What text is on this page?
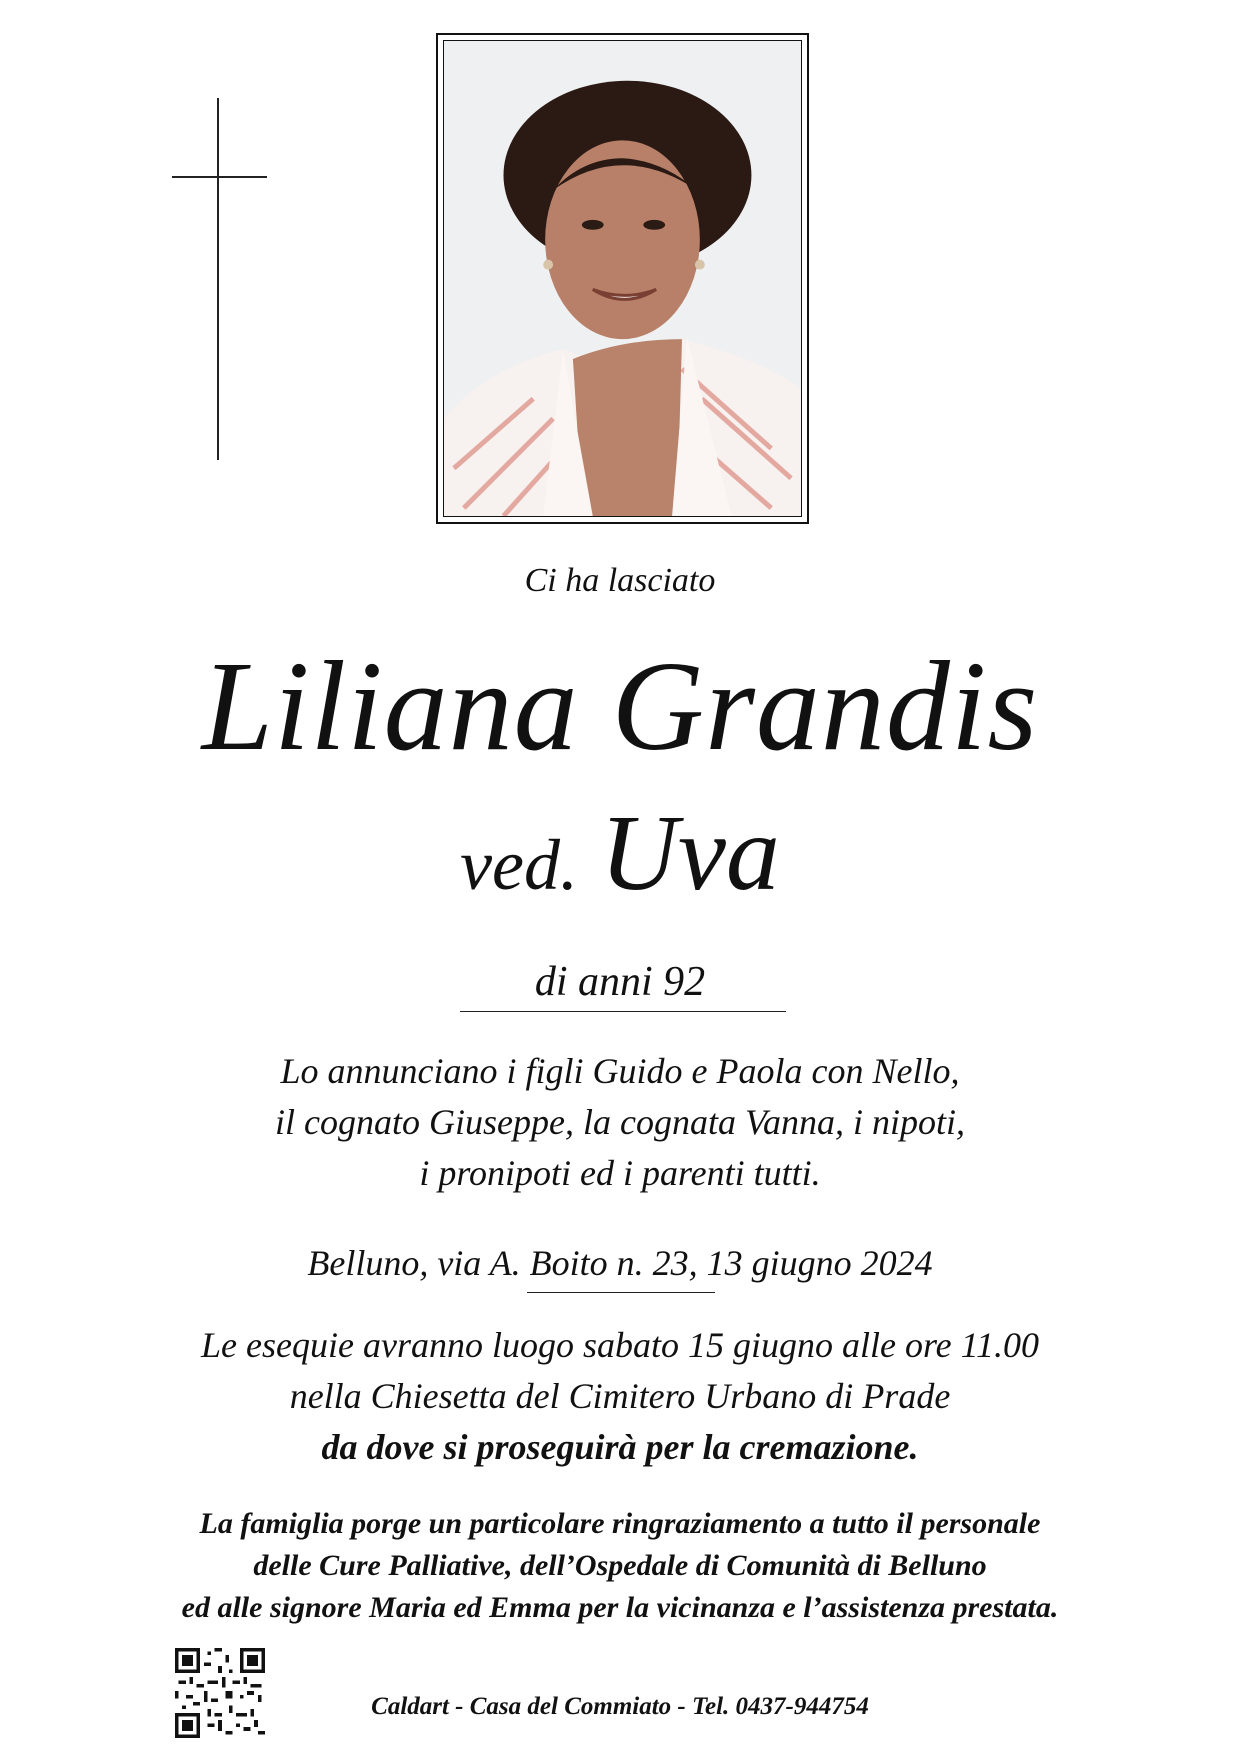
Ci ha lasciato
Liliana Grandis
ved. Uva
di anni 92
Lo annunciano i figli Guido e Paola con Nello,
il cognato Giuseppe, la cognata Vanna, i nipoti,
i pronipoti ed i parenti tutti.
Belluno, via A. Boito n. 23, 13 giugno 2024
Le esequie avranno luogo sabato 15 giugno alle ore 11.00
nella Chiesetta del Cimitero Urbano di Prade
da dove si proseguirà per la cremazione.
La famiglia porge un particolare ringraziamento a tutto il personale
delle Cure Palliative, dell’Ospedale di Comunità di Belluno
ed alle signore Maria ed Emma per la vicinanza e l’assistenza prestata.
Caldart - Casa del Commiato - Tel. 0437-944754
